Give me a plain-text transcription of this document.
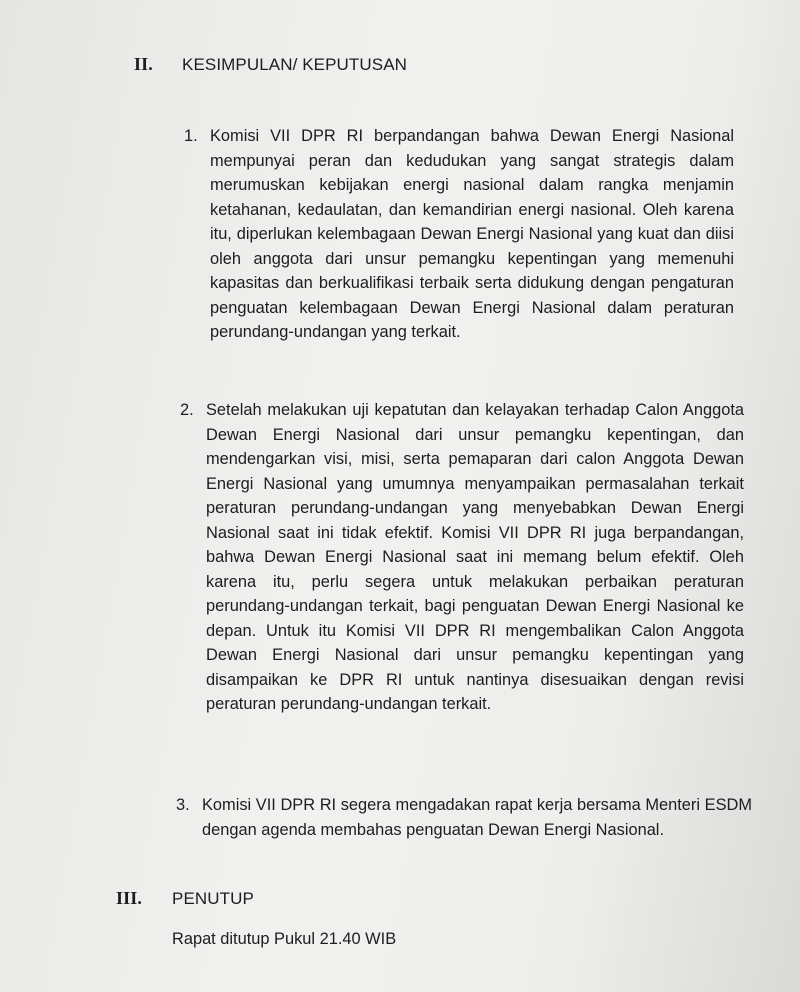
II.	KESIMPULAN/ KEPUTUSAN
1. Komisi VII DPR RI berpandangan bahwa Dewan Energi Nasional mempunyai peran dan kedudukan yang sangat strategis dalam merumuskan kebijakan energi nasional dalam rangka menjamin ketahanan, kedaulatan, dan kemandirian energi nasional. Oleh karena itu, diperlukan kelembagaan Dewan Energi Nasional yang kuat dan diisi oleh anggota dari unsur pemangku kepentingan yang memenuhi kapasitas dan berkualifikasi terbaik serta didukung dengan pengaturan penguatan kelembagaan Dewan Energi Nasional dalam peraturan perundang-undangan yang terkait.
2. Setelah melakukan uji kepatutan dan kelayakan terhadap Calon Anggota Dewan Energi Nasional dari unsur pemangku kepentingan, dan mendengarkan visi, misi, serta pemaparan dari calon Anggota Dewan Energi Nasional yang umumnya menyampaikan permasalahan terkait peraturan perundang-undangan yang menyebabkan Dewan Energi Nasional saat ini tidak efektif. Komisi VII DPR RI juga berpandangan, bahwa Dewan Energi Nasional saat ini memang belum efektif. Oleh karena itu, perlu segera untuk melakukan perbaikan peraturan perundang-undangan terkait, bagi penguatan Dewan Energi Nasional ke depan. Untuk itu Komisi VII DPR RI mengembalikan Calon Anggota Dewan Energi Nasional dari unsur pemangku kepentingan yang disampaikan ke DPR RI untuk nantinya disesuaikan dengan revisi peraturan perundang-undangan terkait.
3. Komisi VII DPR RI segera mengadakan rapat kerja bersama Menteri ESDM dengan agenda membahas penguatan Dewan Energi Nasional.
III.	PENUTUP
Rapat ditutup Pukul 21.40 WIB
